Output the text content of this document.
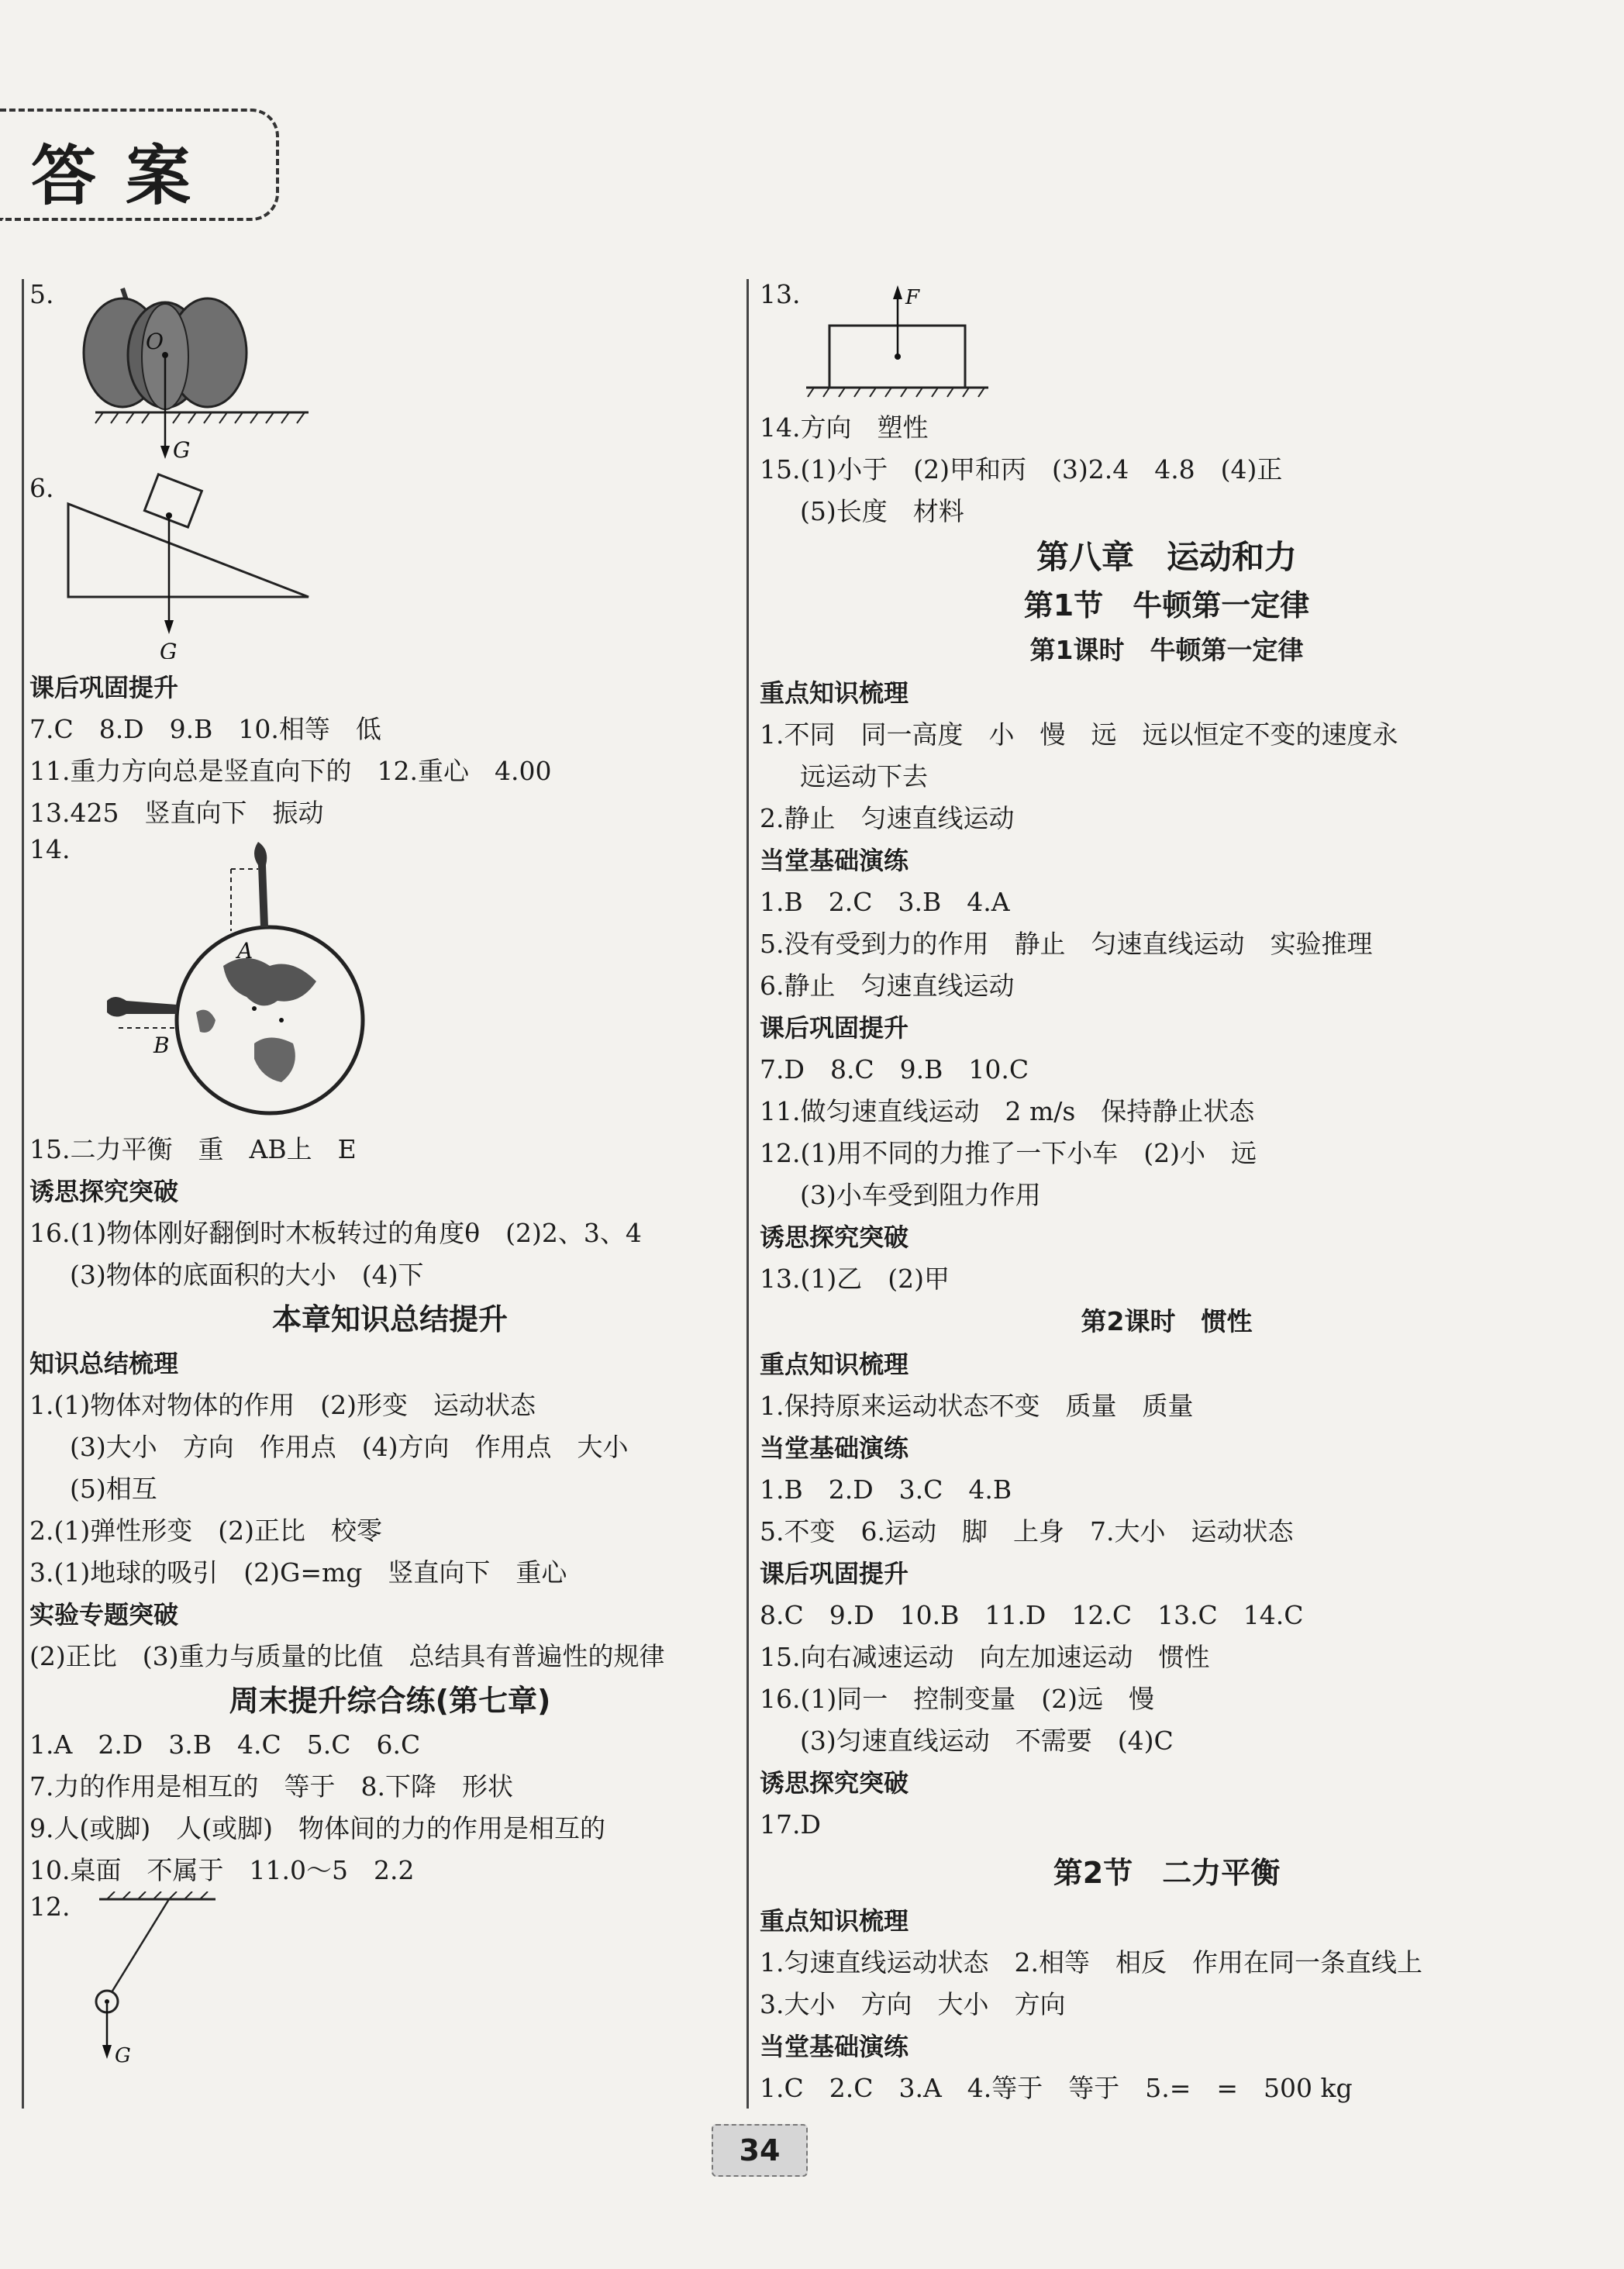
答案
5.
O
G
6.
G
课后巩固提升
7.C　8.D　9.B　10.相等　低
11.重力方向总是竖直向下的　12.重心　4.00
13.425　竖直向下　振动
14.
A
B
15.二力平衡　重　AB上　E
诱思探究突破
16.(1)物体刚好翻倒时木板转过的角度θ　(2)2、3、4
(3)物体的底面积的大小　(4)下
本章知识总结提升
知识总结梳理
1.(1)物体对物体的作用　(2)形变　运动状态
(3)大小　方向　作用点　(4)方向　作用点　大小
(5)相互
2.(1)弹性形变　(2)正比　校零
3.(1)地球的吸引　(2)G=mg　竖直向下　重心
实验专题突破
(2)正比　(3)重力与质量的比值　总结具有普遍性的规律
周末提升综合练(第七章)
1.A　2.D　3.B　4.C　5.C　6.C
7.力的作用是相互的　等于　8.下降　形状
9.人(或脚)　人(或脚)　物体间的力的作用是相互的
10.桌面　不属于　11.0～5　2.2
12.
G
13.	F
14.方向　塑性
15.(1)小于　(2)甲和丙　(3)2.4　4.8　(4)正
(5)长度　材料
第八章　运动和力
第1节　牛顿第一定律
第1课时　牛顿第一定律
重点知识梳理
1.不同　同一高度　小　慢　远　远以恒定不变的速度永
远运动下去
2.静止　匀速直线运动
当堂基础演练
1.B　2.C　3.B　4.A
5.没有受到力的作用　静止　匀速直线运动　实验推理
6.静止　匀速直线运动
课后巩固提升
7.D　8.C　9.B　10.C
11.做匀速直线运动　2 m/s　保持静止状态
12.(1)用不同的力推了一下小车　(2)小　远
(3)小车受到阻力作用
诱思探究突破
13.(1)乙　(2)甲
第2课时　惯性
重点知识梳理
1.保持原来运动状态不变　质量　质量
当堂基础演练
1.B　2.D　3.C　4.B
5.不变　6.运动　脚　上身　7.大小　运动状态
课后巩固提升
8.C　9.D　10.B　11.D　12.C　13.C　14.C
15.向右减速运动　向左加速运动　惯性
16.(1)同一　控制变量　(2)远　慢
(3)匀速直线运动　不需要　(4)C
诱思探究突破
17.D
第2节　二力平衡
重点知识梳理
1.匀速直线运动状态　2.相等　相反　作用在同一条直线上
3.大小　方向　大小　方向
当堂基础演练
1.C　2.C　3.A　4.等于　等于　5.=　=　500 kg
34
